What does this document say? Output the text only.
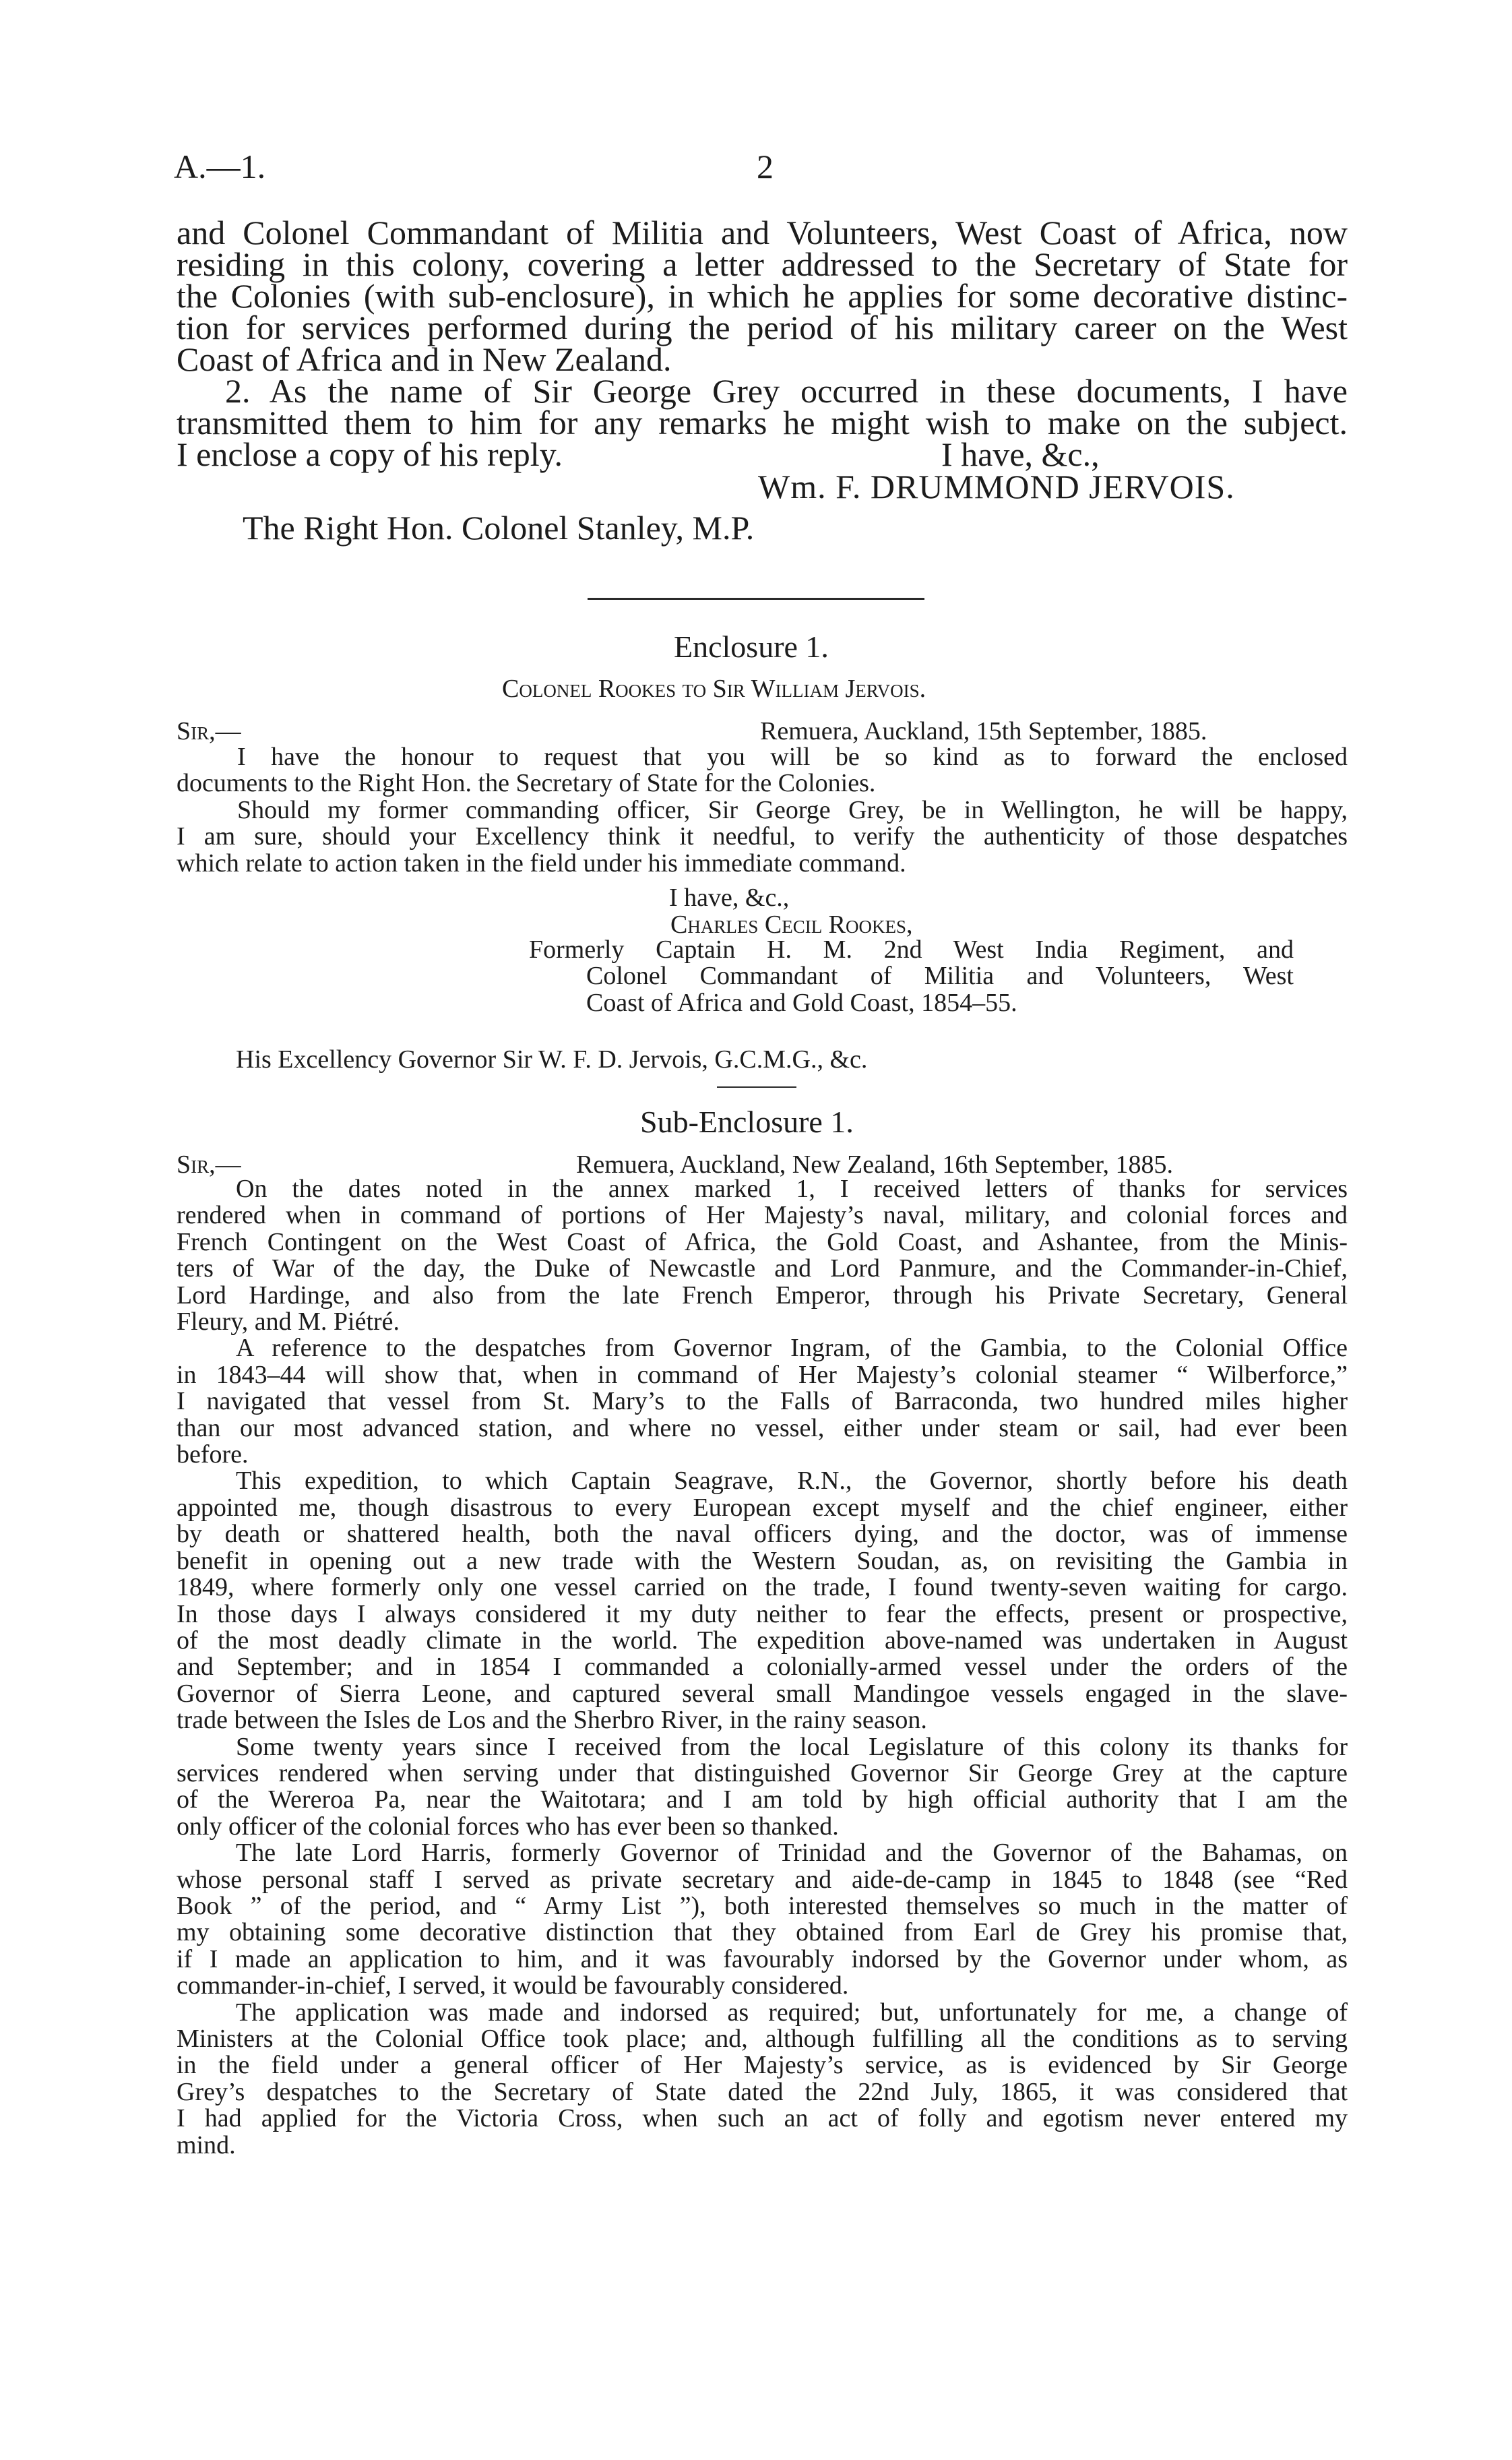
A.—1.	2

and Colonel Commandant of Militia and Volunteers, West Coast of Africa, now

residing in this colony, covering a letter addressed to the Secretary of State for

the Colonies (with sub-enclosure), in which he applies for some decorative distinc-

tion for services performed during the period of his military career on the West

Coast of Africa and in New Zealand.

2. As the name of Sir George Grey occurred in these documents, I have

transmitted them to him for any remarks he might wish to make on the subject.

I enclose a copy of his reply.	I have, &c.,
Wm. F. DRUMMOND JERVOIS.
The Right Hon. Colonel Stanley, M.P.
Enclosure 1.
Colonel Rookes to Sir William Jervois.
Sir,—	Remuera, Auckland, 15th September, 1885.

I have the honour to request that you will be so kind as to forward the enclosed

documents to the Right Hon. the Secretary of State for the Colonies.

Should my former commanding officer, Sir George Grey, be in Wellington, he will be happy,

I am sure, should your Excellency think it needful, to verify the authenticity of those despatches

which relate to action taken in the field under his immediate command.

I have, &c.,
Charles Cecil Rookes,

Formerly Captain H. M. 2nd West India Regiment, and

Colonel Commandant of Militia and Volunteers, West

Coast of Africa and Gold Coast, 1854–55.

His Excellency Governor Sir W. F. D. Jervois, G.C.M.G., &c.
Sub-Enclosure 1.
Sir,—	Remuera, Auckland, New Zealand, 16th September, 1885.

On the dates noted in the annex marked 1, I received letters of thanks for services

rendered when in command of portions of Her Majesty’s naval, military, and colonial forces and

French Contingent on the West Coast of Africa, the Gold Coast, and Ashantee, from the Minis-

ters of War of the day, the Duke of Newcastle and Lord Panmure, and the Commander-in-Chief,

Lord Hardinge, and also from the late French Emperor, through his Private Secretary, General

Fleury, and M. Piétré.

A reference to the despatches from Governor Ingram, of the Gambia, to the Colonial Office

in 1843–44 will show that, when in command of Her Majesty’s colonial steamer “ Wilberforce,”

I navigated that vessel from St. Mary’s to the Falls of Barraconda, two hundred miles higher

than our most advanced station, and where no vessel, either under steam or sail, had ever been

before.

This expedition, to which Captain Seagrave, R.N., the Governor, shortly before his death

appointed me, though disastrous to every European except myself and the chief engineer, either

by death or shattered health, both the naval officers dying, and the doctor, was of immense

benefit in opening out a new trade with the Western Soudan, as, on revisiting the Gambia in

1849, where formerly only one vessel carried on the trade, I found twenty-seven waiting for cargo.

In those days I always considered it my duty neither to fear the effects, present or prospective,

of the most deadly climate in the world. The expedition above-named was undertaken in August

and September; and in 1854 I commanded a colonially-armed vessel under the orders of the

Governor of Sierra Leone, and captured several small Mandingoe vessels engaged in the slave-

trade between the Isles de Los and the Sherbro River, in the rainy season.

Some twenty years since I received from the local Legislature of this colony its thanks for

services rendered when serving under that distinguished Governor Sir George Grey at the capture

of the Wereroa Pa, near the Waitotara; and I am told by high official authority that I am the

only officer of the colonial forces who has ever been so thanked.

The late Lord Harris, formerly Governor of Trinidad and the Governor of the Bahamas, on

whose personal staff I served as private secretary and aide-de-camp in 1845 to 1848 (see “Red

Book ” of the period, and “ Army List ”), both interested themselves so much in the matter of

my obtaining some decorative distinction that they obtained from Earl de Grey his promise that,

if I made an application to him, and it was favourably indorsed by the Governor under whom, as

commander-in-chief, I served, it would be favourably considered.

The application was made and indorsed as required; but, unfortunately for me, a change of

Ministers at the Colonial Office took place; and, although fulfilling all the conditions as to serving

in the field under a general officer of Her Majesty’s service, as is evidenced by Sir George

Grey’s despatches to the Secretary of State dated the 22nd July, 1865, it was considered that

I had applied for the Victoria Cross, when such an act of folly and egotism never entered my

mind.
